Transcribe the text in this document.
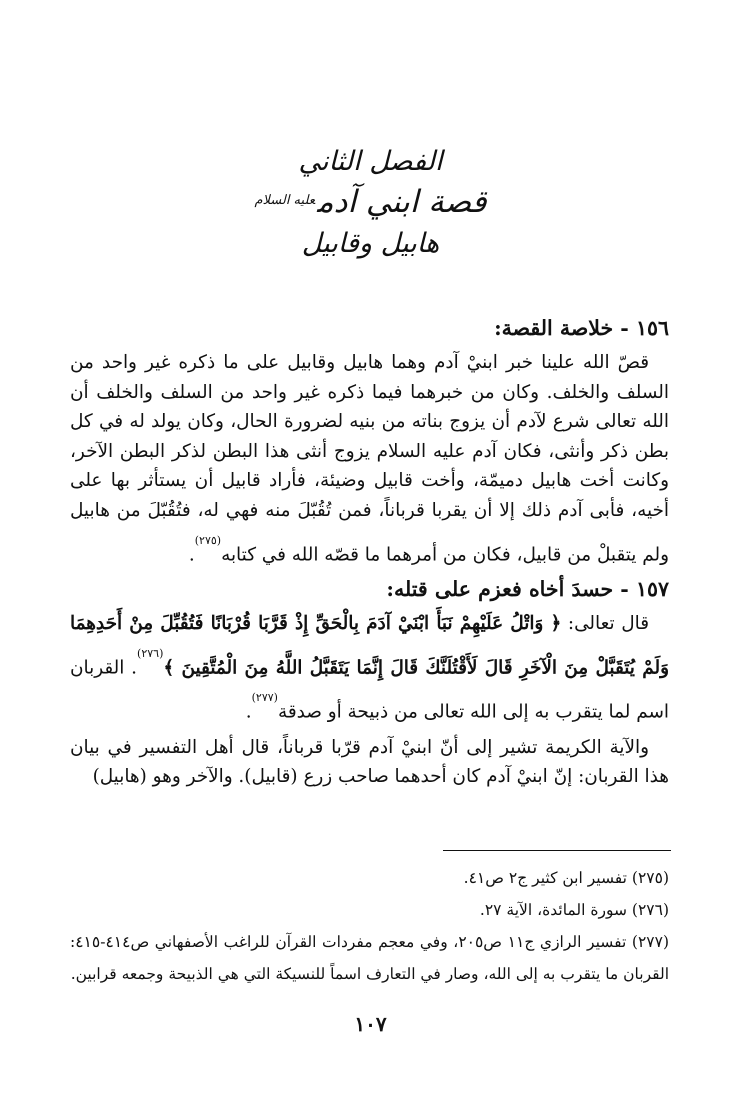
الفصل الثاني
قصة ابني آدم$^{عليه السلام}$
هابيل وقابيل
١٥٦ - خلاصة القصة:

قصّ الله علينا خبر ابنيْ آدم وهما هابيل وقابيل على ما ذكره غير واحد من السلف والخلف. وكان من خبرهما فيما ذكره غير واحد من السلف والخلف أن الله تعالى شرع لآدم أن يزوج بناته من بنيه لضرورة الحال، وكان يولد له في كل بطن ذكر وأنثى، فكان آدم عليه السلام يزوج أنثى هذا البطن لذكر البطن الآخر، وكانت أخت هابيل دميمّة، وأخت قابيل وضيئة، فأراد قابيل أن يستأثر بها على أخيه، فأبى آدم ذلك إلا أن يقربا قرباناً، فمن تُقُبّلَ منه فهي له، فتُقُبّلَ من هابيل ولم يتقبلْ من قابيل، فكان من أمرهما ما قصّه الله في كتابه$^{(٢٧٥)}$.

١٥٧ - حسدَ أخاه فعزم على قتله:

قال تعالى: ﴿ وَاتْلُ عَلَيْهِمْ نَبَأَ ابْنَيْ آدَمَ بِالْحَقِّ إِذْ قَرَّبَا قُرْبَانًا فَتُقُبِّلَ مِنْ أَحَدِهِمَا وَلَمْ يُتَقَبَّلْ مِنَ الْآخَرِ قَالَ لَأَقْتُلَنَّكَ قَالَ إِنَّمَا يَتَقَبَّلُ اللَّهُ مِنَ الْمُتَّقِينَ ﴾$^{(٢٧٦)}$. القربان اسم لما يتقرب به إلى الله تعالى من ذبيحة أو صدقة$^{(٢٧٧)}$.

والآية الكريمة تشير إلى أنّ ابنيْ آدم قرّبا قرباناً، قال أهل التفسير في بيان هذا القربان: إنّ ابنيْ آدم كان أحدهما صاحب زرع (قابيل). والآخر وهو (هابيل)

(٢٧٥) تفسير ابن كثير ج٢ ص٤١.

(٢٧٦) سورة المائدة، الآية ٢٧.

(٢٧٧) تفسير الرازي ج١١ ص٢٠٥، وفي معجم مفردات القرآن للراغب الأصفهاني ص٤١٤-٤١٥: القربان ما يتقرب به إلى الله، وصار في التعارف اسماً للنسيكة التي هي الذبيحة وجمعه قرابين.

١٠٧
